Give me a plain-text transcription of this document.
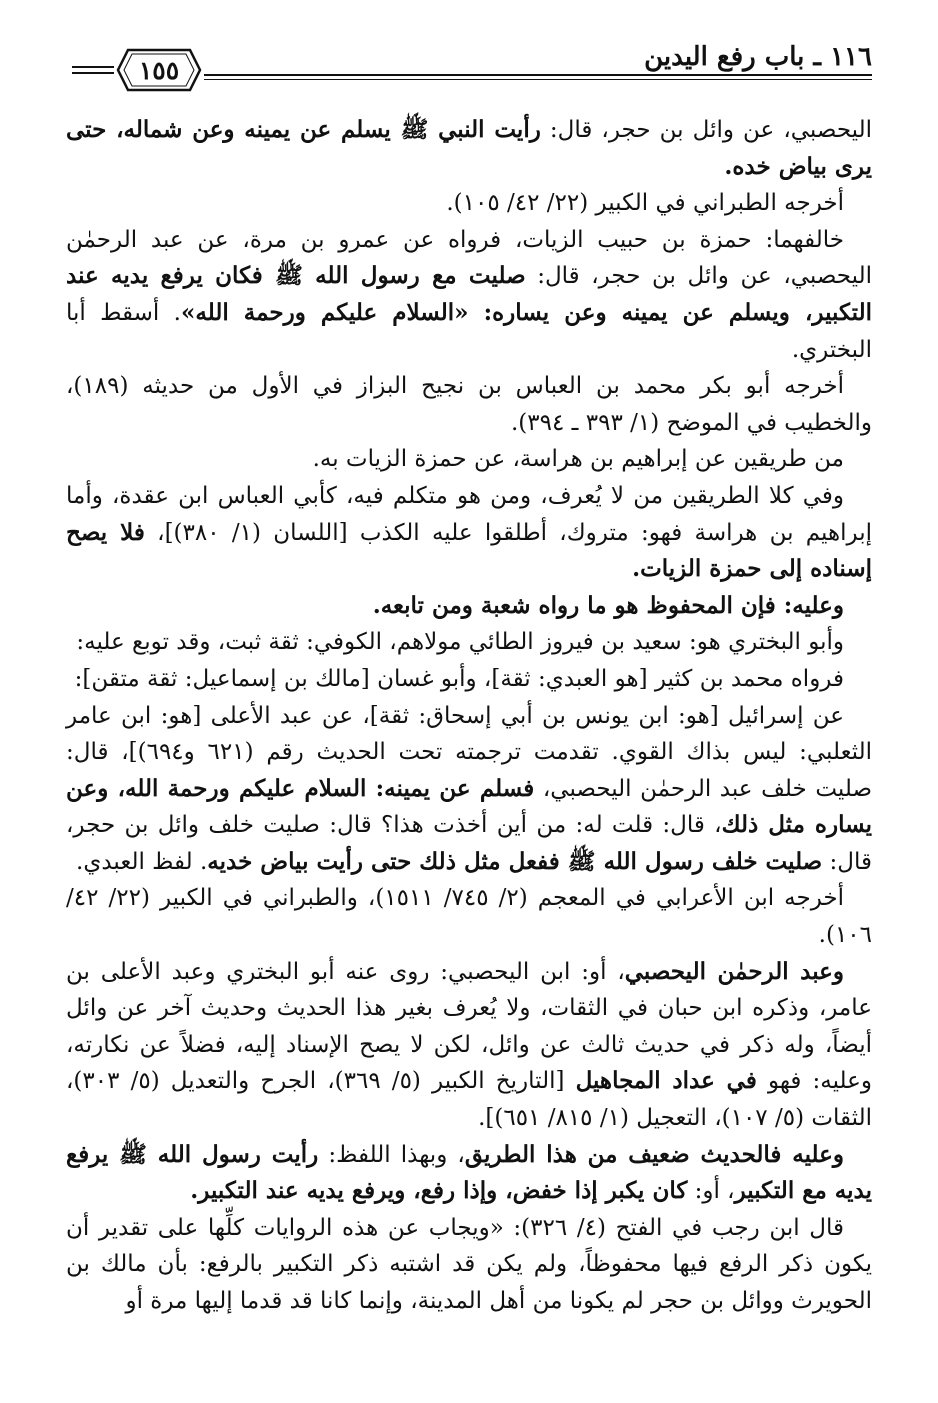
١١٦ ـ باب رفع اليدين
١٥٥

اليحصبي، عن وائل بن حجر، قال: رأيت النبي ﷺ يسلم عن يمينه وعن شماله، حتى يرى بياض خده.

أخرجه الطبراني في الكبير (٢٢/ ٤٢/ ١٠٥).

خالفهما: حمزة بن حبيب الزيات، فرواه عن عمرو بن مرة، عن عبد الرحمٰن اليحصبي، عن وائل بن حجر، قال: صليت مع رسول الله ﷺ فكان يرفع يديه عند التكبير، ويسلم عن يمينه وعن يساره: «السلام عليكم ورحمة الله». أسقط أبا البختري.

أخرجه أبو بكر محمد بن العباس بن نجيح البزاز في الأول من حديثه (١٨٩)، والخطيب في الموضح (١/ ٣٩٣ ـ ٣٩٤).

من طريقين عن إبراهيم بن هراسة، عن حمزة الزيات به.

وفي كلا الطريقين من لا يُعرف، ومن هو متكلم فيه، كأبي العباس ابن عقدة، وأما إبراهيم بن هراسة فهو: متروك، أطلقوا عليه الكذب [اللسان (١/ ٣٨٠)]، فلا يصح إسناده إلى حمزة الزيات.

وعليه: فإن المحفوظ هو ما رواه شعبة ومن تابعه.

وأبو البختري هو: سعيد بن فيروز الطائي مولاهم، الكوفي: ثقة ثبت، وقد توبع عليه:

فرواه محمد بن كثير [هو العبدي: ثقة]، وأبو غسان [مالك بن إسماعيل: ثقة متقن]:

عن إسرائيل [هو: ابن يونس بن أبي إسحاق: ثقة]، عن عبد الأعلى [هو: ابن عامر الثعلبي: ليس بذاك القوي. تقدمت ترجمته تحت الحديث رقم (٦٢١ و٦٩٤)]، قال: صليت خلف عبد الرحمٰن اليحصبي، فسلم عن يمينه: السلام عليكم ورحمة الله، وعن يساره مثل ذلك، قال: قلت له: من أين أخذت هذا؟ قال: صليت خلف وائل بن حجر، قال: صليت خلف رسول الله ﷺ ففعل مثل ذلك حتى رأيت بياض خديه. لفظ العبدي.

أخرجه ابن الأعرابي في المعجم (٢/ ٧٤٥/ ١٥١١)، والطبراني في الكبير (٢٢/ ٤٢/ ١٠٦).

وعبد الرحمٰن اليحصبي، أو: ابن اليحصبي: روى عنه أبو البختري وعبد الأعلى بن عامر، وذكره ابن حبان في الثقات، ولا يُعرف بغير هذا الحديث وحديث آخر عن وائل أيضاً، وله ذكر في حديث ثالث عن وائل، لكن لا يصح الإسناد إليه، فضلاً عن نكارته، وعليه: فهو في عداد المجاهيل [التاريخ الكبير (٥/ ٣٦٩)، الجرح والتعديل (٥/ ٣٠٣)، الثقات (٥/ ١٠٧)، التعجيل (١/ ٨١٥/ ٦٥١)].

وعليه فالحديث ضعيف من هذا الطريق، وبهذا اللفظ: رأيت رسول الله ﷺ يرفع يديه مع التكبير، أو: كان يكبر إذا خفض، وإذا رفع، ويرفع يديه عند التكبير.

قال ابن رجب في الفتح (٤/ ٣٢٦): «ويجاب عن هذه الروايات كلِّها على تقدير أن يكون ذكر الرفع فيها محفوظاً، ولم يكن قد اشتبه ذكر التكبير بالرفع: بأن مالك بن الحويرث ووائل بن حجر لم يكونا من أهل المدينة، وإنما كانا قد قدما إليها مرة أو
